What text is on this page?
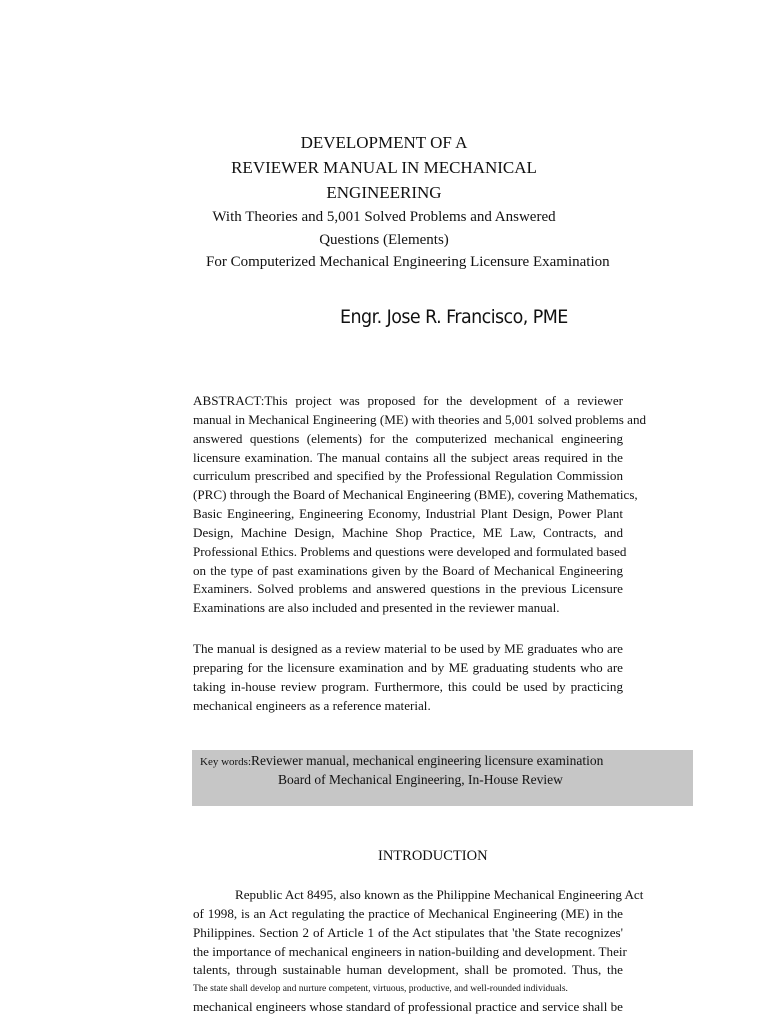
DEVELOPMENT OF A
REVIEWER MANUAL IN MECHANICAL
ENGINEERING
With Theories and 5,001 Solved Problems and Answered
Questions (Elements)
For Computerized Mechanical Engineering Licensure Examination
Engr. Jose R. Francisco, PME
ABSTRACT:This project was proposed for the development of a reviewer
manual in Mechanical Engineering (ME) with theories and 5,001 solved problems and
answered questions (elements) for the computerized mechanical engineering
licensure examination. The manual contains all the subject areas required in the
curriculum prescribed and specified by the Professional Regulation Commission
(PRC) through the Board of Mechanical Engineering (BME), covering Mathematics,
Basic Engineering, Engineering Economy, Industrial Plant Design, Power Plant
Design, Machine Design, Machine Shop Practice, ME Law, Contracts, and
Professional Ethics. Problems and questions were developed and formulated based
on the type of past examinations given by the Board of Mechanical Engineering
Examiners. Solved problems and answered questions in the previous Licensure
Examinations are also included and presented in the reviewer manual.
The manual is designed as a review material to be used by ME graduates who are
preparing for the licensure examination and by ME graduating students who are
taking in-house review program. Furthermore, this could be used by practicing
mechanical engineers as a reference material.
Key words:Reviewer manual, mechanical engineering licensure examination
Board of Mechanical Engineering, In-House Review
INTRODUCTION
Republic Act 8495, also known as the Philippine Mechanical Engineering Act
of 1998, is an Act regulating the practice of Mechanical Engineering (ME) in the
Philippines. Section 2 of Article 1 of the Act stipulates that 'the State recognizes'
the importance of mechanical engineers in nation-building and development. Their
talents, through sustainable human development, shall be promoted. Thus, the
The state shall develop and nurture competent, virtuous, productive, and well-rounded individuals.
mechanical engineers whose standard of professional practice and service shall be
